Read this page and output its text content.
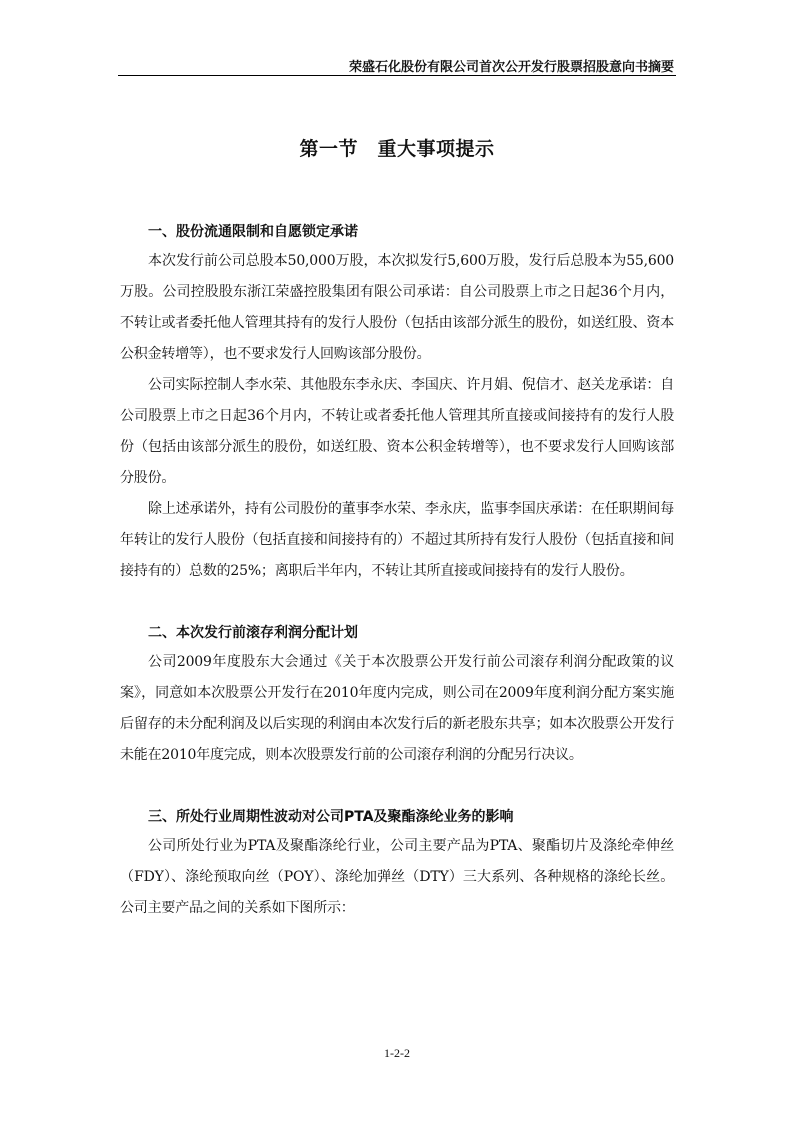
荣盛石化股份有限公司首次公开发行股票招股意向书摘要
第一节　重大事项提示

一、股份流通限制和自愿锁定承诺

本次发行前公司总股本50,000万股，本次拟发行5,600万股，发行后总股本为55,600万股。公司控股股东浙江荣盛控股集团有限公司承诺：自公司股票上市之日起36个月内，不转让或者委托他人管理其持有的发行人股份（包括由该部分派生的股份，如送红股、资本公积金转增等），也不要求发行人回购该部分股份。

公司实际控制人李水荣、其他股东李永庆、李国庆、许月娟、倪信才、赵关龙承诺：自公司股票上市之日起36个月内，不转让或者委托他人管理其所直接或间接持有的发行人股份（包括由该部分派生的股份，如送红股、资本公积金转增等），也不要求发行人回购该部分股份。

除上述承诺外，持有公司股份的董事李水荣、李永庆，监事李国庆承诺：在任职期间每年转让的发行人股份（包括直接和间接持有的）不超过其所持有发行人股份（包括直接和间接持有的）总数的25%；离职后半年内，不转让其所直接或间接持有的发行人股份。

二、本次发行前滚存利润分配计划

公司2009年度股东大会通过《关于本次股票公开发行前公司滚存利润分配政策的议案》，同意如本次股票公开发行在2010年度内完成，则公司在2009年度利润分配方案实施后留存的未分配利润及以后实现的利润由本次发行后的新老股东共享；如本次股票公开发行未能在2010年度完成，则本次股票发行前的公司滚存利润的分配另行决议。

三、所处行业周期性波动对公司PTA及聚酯涤纶业务的影响

公司所处行业为PTA及聚酯涤纶行业，公司主要产品为PTA、聚酯切片及涤纶牵伸丝（FDY）、涤纶预取向丝（POY）、涤纶加弹丝（DTY）三大系列、各种规格的涤纶长丝。公司主要产品之间的关系如下图所示：

1-2-2
